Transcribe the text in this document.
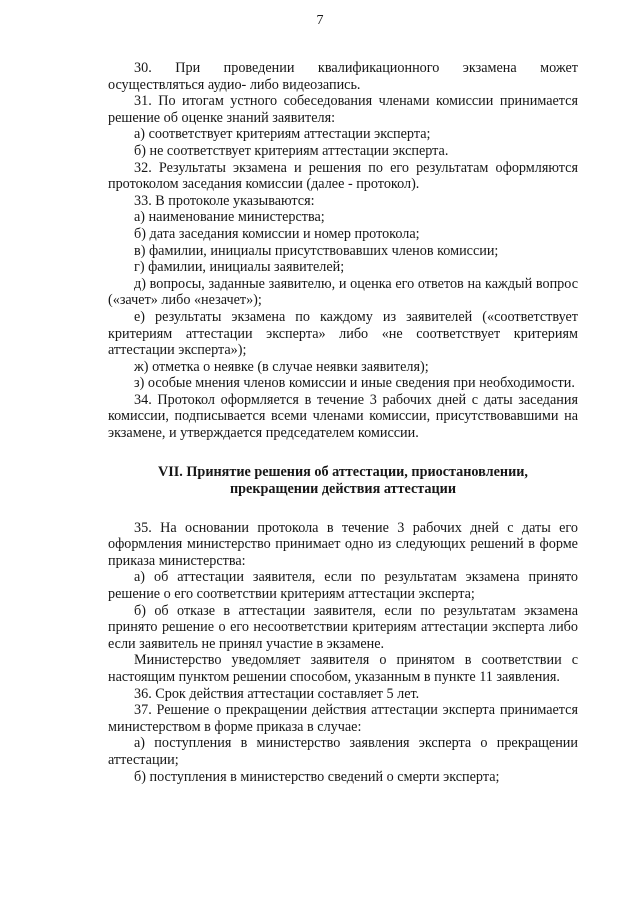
7

30. При проведении квалификационного экзамена может осуществляться аудио- либо видеозапись.

31. По итогам устного собеседования членами комиссии принимается решение об оценке знаний заявителя:

а) соответствует критериям аттестации эксперта;

б) не соответствует критериям аттестации эксперта.

32. Результаты экзамена и решения по его результатам оформляются протоколом заседания комиссии (далее - протокол).

33. В протоколе указываются:

а) наименование министерства;

б) дата заседания комиссии и номер протокола;

в) фамилии, инициалы присутствовавших членов комиссии;

г) фамилии, инициалы заявителей;

д) вопросы, заданные заявителю, и оценка его ответов на каждый вопрос («зачет» либо «незачет»);

е) результаты экзамена по каждому из заявителей («соответствует критериям аттестации эксперта» либо «не соответствует критериям аттестации эксперта»);

ж) отметка о неявке (в случае неявки заявителя);

з) особые мнения членов комиссии и иные сведения при необходимости.

34. Протокол оформляется в течение 3 рабочих дней с даты заседания комиссии, подписывается всеми членами комиссии, присутствовавшими на экзамене, и утверждается председателем комиссии.

VII. Принятие решения об аттестации, приостановлении,
прекращении действия аттестации

35. На основании протокола в течение 3 рабочих дней с даты его оформления министерство принимает одно из следующих решений в форме приказа министерства:

а) об аттестации заявителя, если по результатам экзамена принято решение о его соответствии критериям аттестации эксперта;

б) об отказе в аттестации заявителя, если по результатам экзамена принято решение о его несоответствии критериям аттестации эксперта либо если заявитель не принял участие в экзамене.

Министерство уведомляет заявителя о принятом в соответствии с настоящим пунктом решении способом, указанным в пункте 11 заявления.

36. Срок действия аттестации составляет 5 лет.

37. Решение о прекращении действия аттестации эксперта принимается министерством в форме приказа в случае:

а) поступления в министерство заявления эксперта о прекращении аттестации;

б) поступления в министерство сведений о смерти эксперта;
